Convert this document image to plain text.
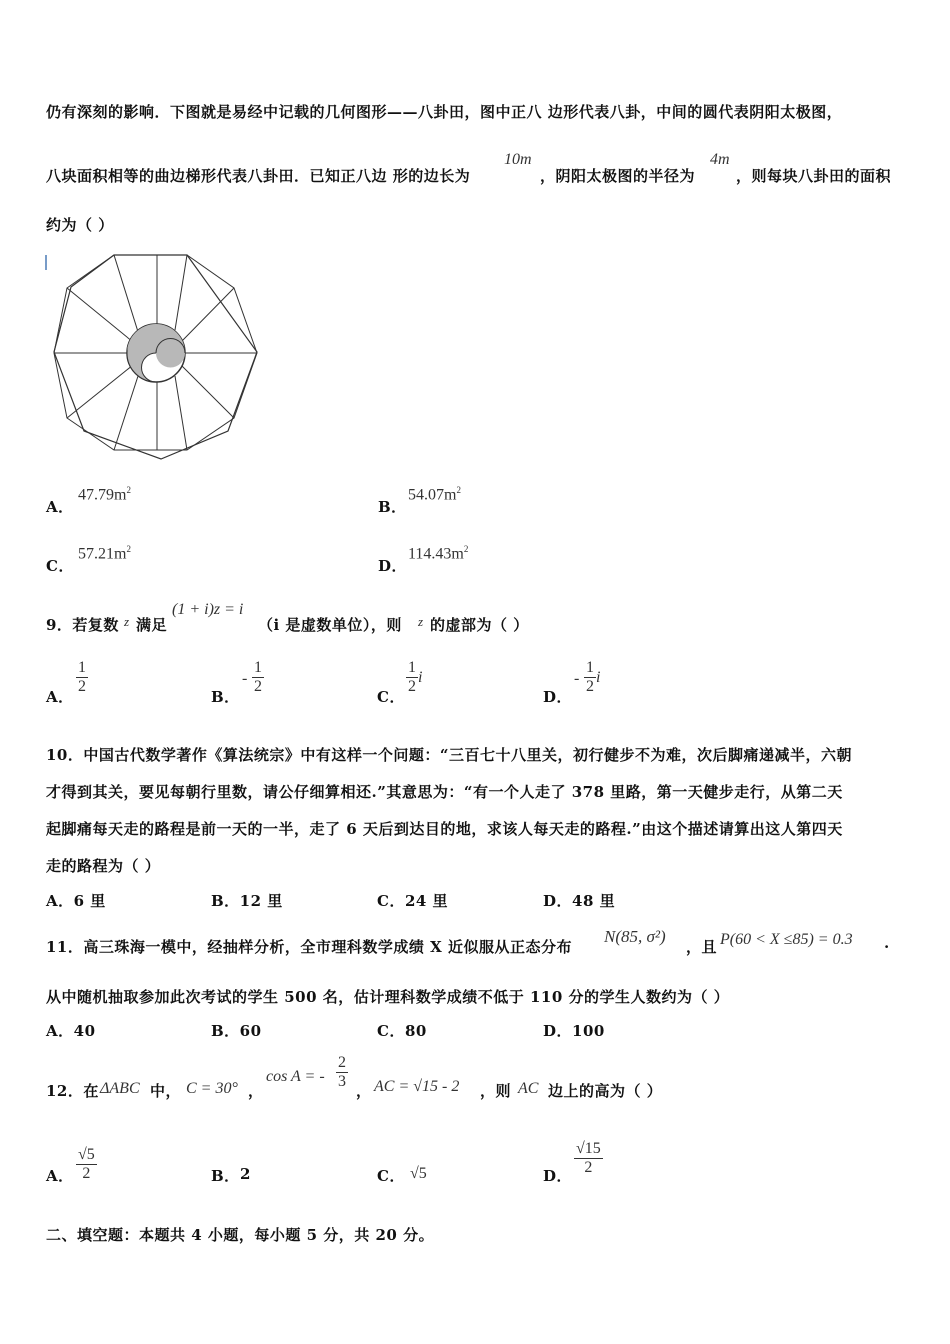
仍有深刻的影响．下图就是易经中记载的几何图形——八卦田，图中正八 边形代表八卦，中间的圆代表阴阳太极图，
八块面积相等的曲边梯形代表八卦田．已知正八边 形的边长为
10m
，阴阳太极图的半径为
4m
，则每块八卦田的面积
约为（ ）
A．
$47.79m^2$
B．
$54.07m^2$
C．
$57.21m^2$
D．
$114.43m^2$
9．若复数 z 满足
(1 + i)z = i
（i 是虚数单位），则 z 的虚部为（ ）
A．
$\frac{1}{2}$
B．
- $\frac{1}{2}$
C．
$\frac{1}{2}$ i
D．
- $\frac{1}{2}$ i
10．中国古代数学著作《算法统宗》中有这样一个问题：“三百七十八里关，初行健步不为难，次后脚痛递减半，六朝
才得到其关，要见每朝行里数，请公仔细算相还.”其意思为：“有一个人走了 378 里路，第一天健步走行，从第二天
起脚痛每天走的路程是前一天的一半，走了 6 天后到达目的地，求该人每天走的路程.”由这个描述请算出这人第四天
走的路程为（ ）
A．6 里	B．12 里	C．24 里	D．48 里
11．高三珠海一模中，经抽样分析，全市理科数学成绩 X 近似服从正态分布
N(85, σ²)
，且 P(60 < X ≤85) = 0.3 .
从中随机抽取参加此次考试的学生 500 名，估计理科数学成绩不低于 110 分的学生人数约为（ ）
A．40	B．60	C．80	D．100
12．在 ΔABC 中， C = 30° ，
cos A = - $\frac{2}{3}$ ， AC = √15 - 2 ，则 AC 边上的高为（ ）
A． $\frac{√5}{2}$	B． 2	C． √5	D． $\frac{√15}{2}$
二、填空题：本题共 4 小题，每小题 5 分，共 20 分。
